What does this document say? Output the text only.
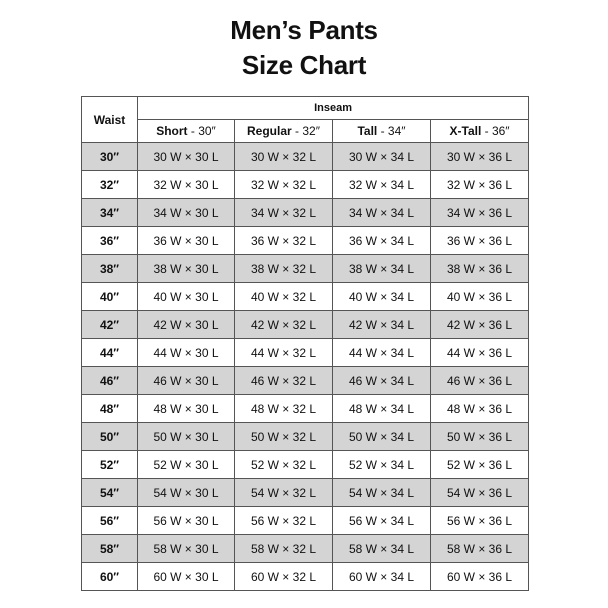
Men’s Pants
Size Chart
Waist	Inseam			
	Short - 30″	Regular - 32″	Tall - 34″	X-Tall - 36″
30″	30 W × 30 L	30 W × 32 L	30 W × 34 L	30 W × 36 L
32″	32 W × 30 L	32 W × 32 L	32 W × 34 L	32 W × 36 L
34″	34 W × 30 L	34 W × 32 L	34 W × 34 L	34 W × 36 L
36″	36 W × 30 L	36 W × 32 L	36 W × 34 L	36 W × 36 L
38″	38 W × 30 L	38 W × 32 L	38 W × 34 L	38 W × 36 L
40″	40 W × 30 L	40 W × 32 L	40 W × 34 L	40 W × 36 L
42″	42 W × 30 L	42 W × 32 L	42 W × 34 L	42 W × 36 L
44″	44 W × 30 L	44 W × 32 L	44 W × 34 L	44 W × 36 L
46″	46 W × 30 L	46 W × 32 L	46 W × 34 L	46 W × 36 L
48″	48 W × 30 L	48 W × 32 L	48 W × 34 L	48 W × 36 L
50″	50 W × 30 L	50 W × 32 L	50 W × 34 L	50 W × 36 L
52″	52 W × 30 L	52 W × 32 L	52 W × 34 L	52 W × 36 L
54″	54 W × 30 L	54 W × 32 L	54 W × 34 L	54 W × 36 L
56″	56 W × 30 L	56 W × 32 L	56 W × 34 L	56 W × 36 L
58″	58 W × 30 L	58 W × 32 L	58 W × 34 L	58 W × 36 L
60″	60 W × 30 L	60 W × 32 L	60 W × 34 L	60 W × 36 L
